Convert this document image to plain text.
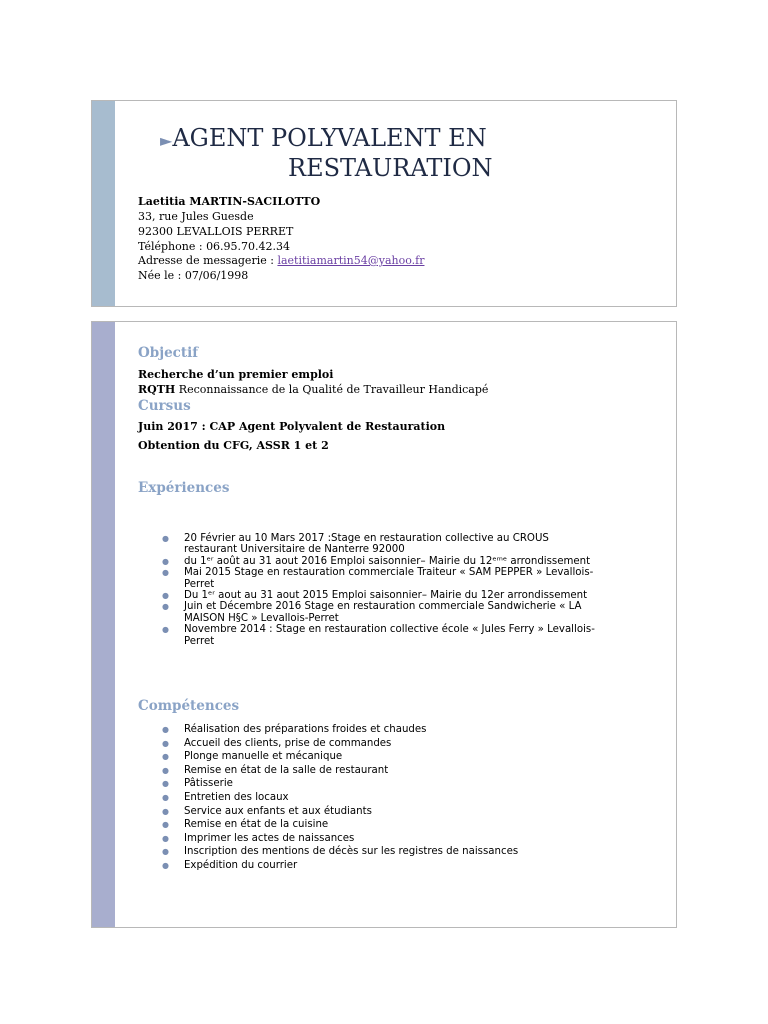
►AGENT POLYVALENT EN
RESTAURATION
Laetitia MARTIN-SACILOTTO
33, rue Jules Guesde
92300 LEVALLOIS PERRET
Téléphone : 06.95.70.42.34
Adresse de messagerie : laetitiamartin54@yahoo.fr
Née le : 07/06/1998
Objectif
Recherche d’un premier emploi
RQTH Reconnaissance de la Qualité de Travailleur Handicapé
Cursus
Juin 2017 : CAP Agent Polyvalent de Restauration
Obtention du CFG, ASSR 1 et 2
Expériences
● 20 Février au 10 Mars 2017 :Stage en restauration collective au CROUS
restaurant Universitaire de Nanterre 92000
● du 1ᵉʳ août au 31 aout 2016 Emploi saisonnier– Mairie du 12ᵉᵐᵉ arrondissement
● Mai 2015 Stage en restauration commerciale Traiteur « SAM PEPPER » Levallois-
Perret
● Du 1ᵉʳ aout au 31 aout 2015 Emploi saisonnier– Mairie du 12er arrondissement
● Juin et Décembre 2016 Stage en restauration commerciale Sandwicherie « LA
MAISON H§C » Levallois-Perret
● Novembre 2014 : Stage en restauration collective école « Jules Ferry » Levallois-
Perret
Compétences
● Réalisation des préparations froides et chaudes
● Accueil des clients, prise de commandes
● Plonge manuelle et mécanique
● Remise en état de la salle de restaurant
● Pâtisserie
● Entretien des locaux
● Service aux enfants et aux étudiants
● Remise en état de la cuisine
● Imprimer les actes de naissances
● Inscription des mentions de décès sur les registres de naissances
● Expédition du courrier
